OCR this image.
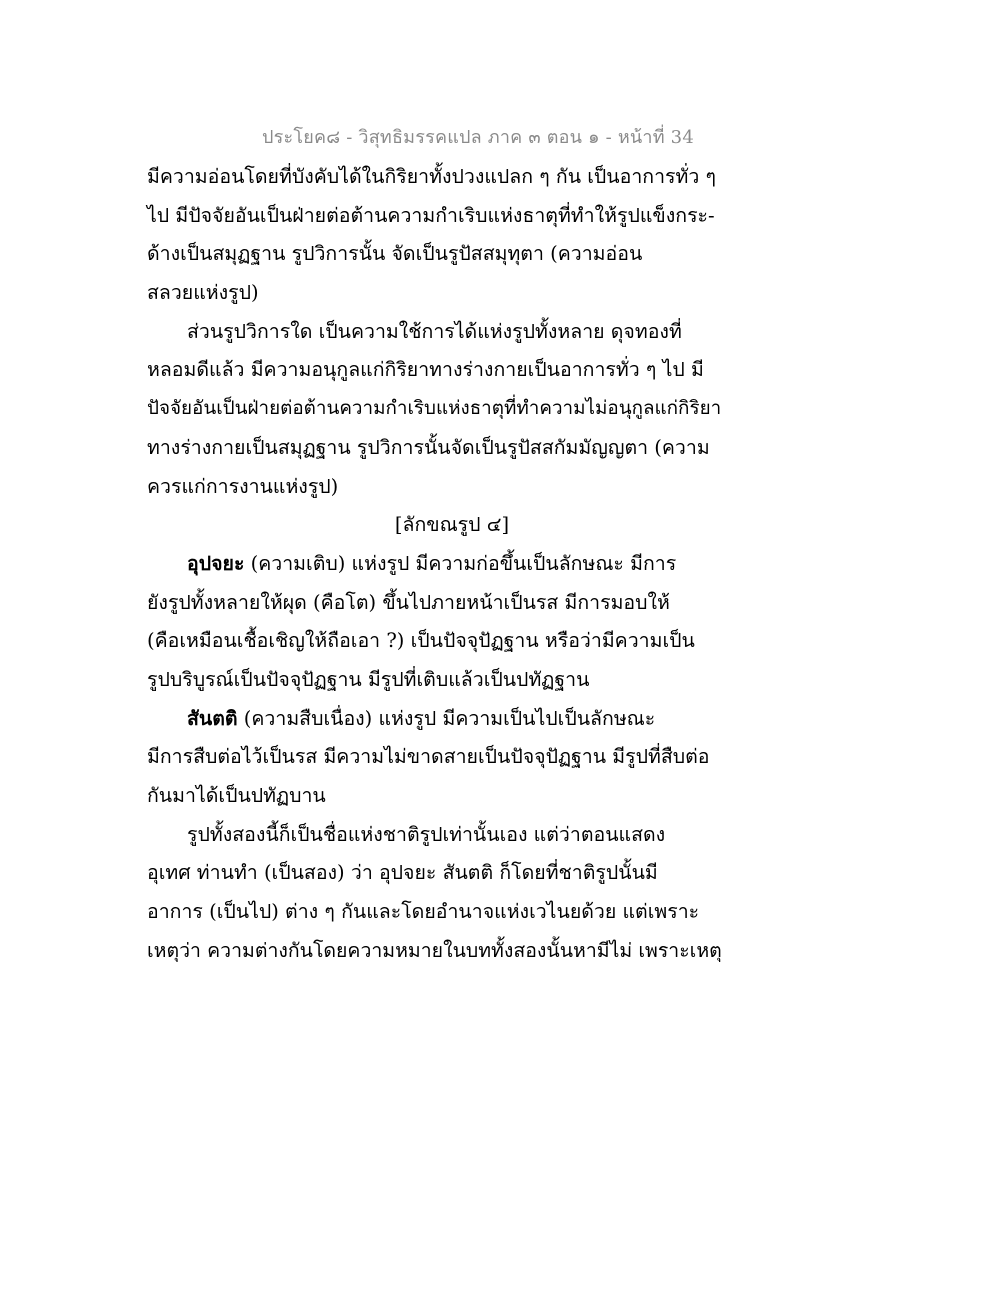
ประโยค๘ - วิสุทธิมรรคแปล ภาค ๓ ตอน ๑ - หน้าที่ 34
มีความอ่อนโดยที่บังคับได้ในกิริยาทั้งปวงแปลก ๆ กัน เป็นอาการทั่ว ๆ
ไป มีปัจจัยอันเป็นฝ่ายต่อต้านความกำเริบแห่งธาตุที่ทำให้รูปแข็งกระ-
ด้างเป็นสมุฏฐาน รูปวิการนั้น จัดเป็นรูปัสสมุทุตา (ความอ่อน
สลวยแห่งรูป)
ส่วนรูปวิการใด เป็นความใช้การได้แห่งรูปทั้งหลาย ดุจทองที่
หลอมดีแล้ว มีความอนุกูลแก่กิริยาทางร่างกายเป็นอาการทั่ว ๆ ไป มี
ปัจจัยอันเป็นฝ่ายต่อต้านความกำเริบแห่งธาตุที่ทำความไม่อนุกูลแก่กิริยา
ทางร่างกายเป็นสมุฏฐาน รูปวิการนั้นจัดเป็นรูปัสสกัมมัญญตา (ความ
ควรแก่การงานแห่งรูป)
[ลักขณรูป ๔]
อุปจยะ (ความเติบ) แห่งรูป มีความก่อขึ้นเป็นลักษณะ มีการ
ยังรูปทั้งหลายให้ผุด (คือโต) ขึ้นไปภายหน้าเป็นรส มีการมอบให้
(คือเหมือนเชื้อเชิญให้ถือเอา ?) เป็นปัจจุปัฏฐาน หรือว่ามีความเป็น
รูปบริบูรณ์เป็นปัจจุปัฏฐาน มีรูปที่เติบแล้วเป็นปทัฏฐาน
สันตติ (ความสืบเนื่อง) แห่งรูป มีความเป็นไปเป็นลักษณะ
มีการสืบต่อไว้เป็นรส มีความไม่ขาดสายเป็นปัจจุปัฏฐาน มีรูปที่สืบต่อ
กันมาได้เป็นปทัฏบาน
รูปทั้งสองนี้ก็เป็นชื่อแห่งชาติรูปเท่านั้นเอง แต่ว่าตอนแสดง
อุเทศ ท่านทำ (เป็นสอง) ว่า อุปจยะ สันตติ ก็โดยที่ชาติรูปนั้นมี
อาการ (เป็นไป) ต่าง ๆ กันและโดยอำนาจแห่งเวไนยด้วย แต่เพราะ
เหตุว่า ความต่างกันโดยความหมายในบททั้งสองนั้นหามีไม่ เพราะเหตุ
